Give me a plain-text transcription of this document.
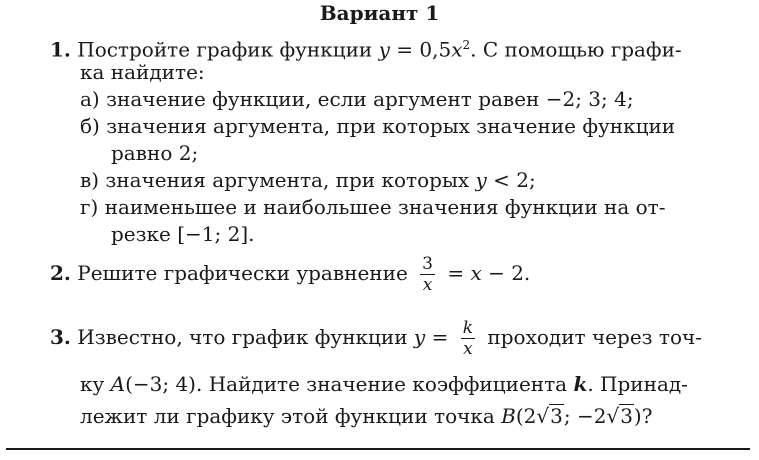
Вариант 1
1. Постройте график функции $y = 0,5x^2$. С помощью графи-
ка найдите:
а) значение функции, если аргумент равен −2; 3; 4;
б) значения аргумента, при которых значение функции
равно 2;
в) значения аргумента, при которых y < 2;
г) наименьшее и наибольшее значения функции на от-
резке [−1; 2].
2. Решите графически уравнение $\frac{3}{x} = x - 2$.
3. Известно, что график функции $y = \frac{k}{x}$ проходит через точ-
ку A(−3; 4). Найдите значение коэффициента k. Принад-
лежит ли графику этой функции точка B(2√3; −2√3)?
